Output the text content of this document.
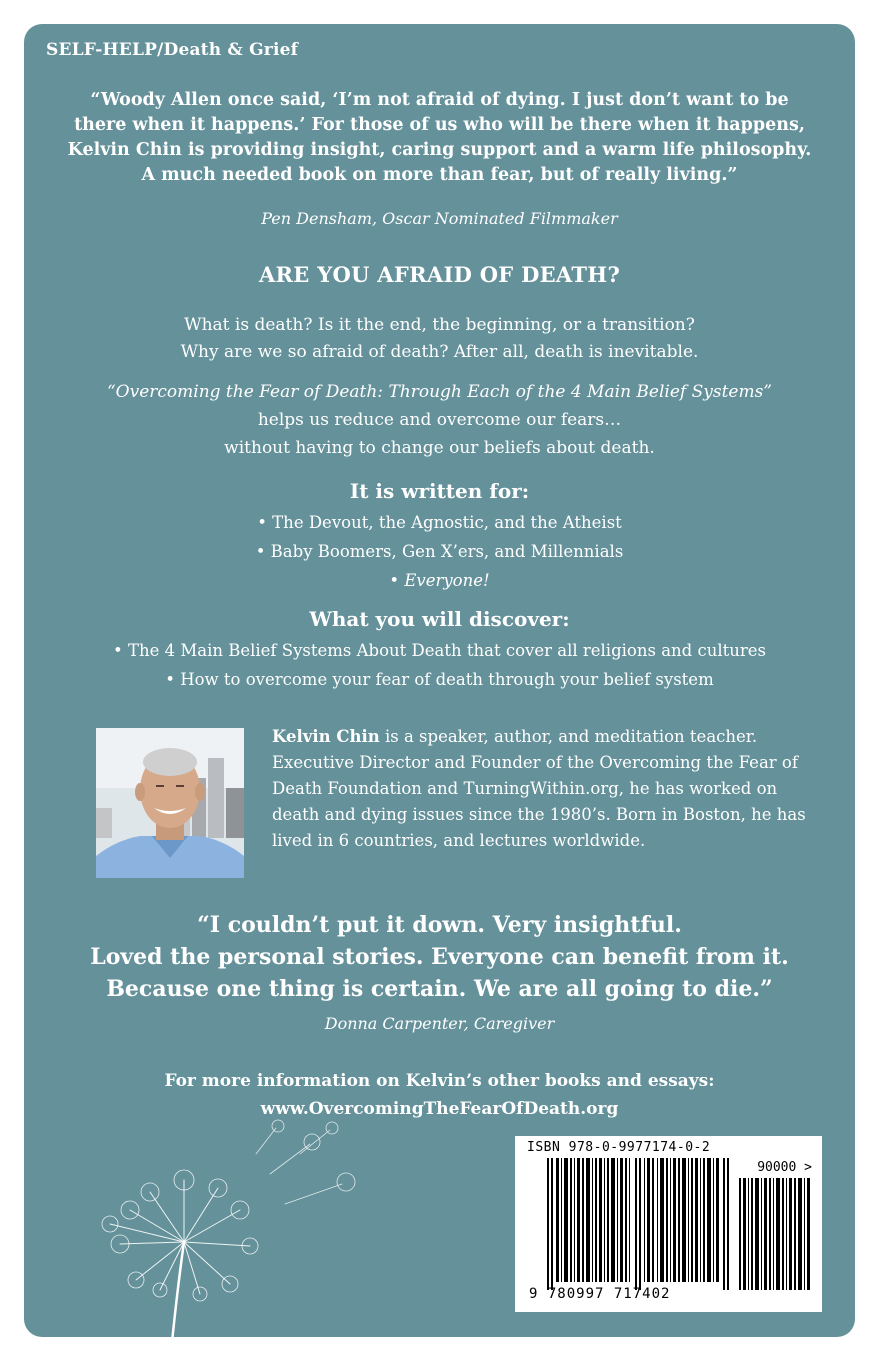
SELF-HELP/Death & Grief
“Woody Allen once said, ‘I’m not afraid of dying. I just don’t want to be there when it happens.’ For those of us who will be there when it happens, Kelvin Chin is providing insight, caring support and a warm life philosophy. A much needed book on more than fear, but of really living.”
Pen Densham, Oscar Nominated Filmmaker
ARE YOU AFRAID OF DEATH?
What is death? Is it the end, the beginning, or a transition?
Why are we so afraid of death? After all, death is inevitable.
“Overcoming the Fear of Death: Through Each of the 4 Main Belief Systems”
helps us reduce and overcome our fears…
without having to change our beliefs about death.
It is written for:
• The Devout, the Agnostic, and the Atheist
• Baby Boomers, Gen X’ers, and Millennials
• Everyone!
What you will discover:
• The 4 Main Belief Systems About Death that cover all religions and cultures
• How to overcome your fear of death through your belief system
Kelvin Chin is a speaker, author, and meditation teacher. Executive Director and Founder of the Overcoming the Fear of Death Foundation and TurningWithin.org, he has worked on death and dying issues since the 1980’s. Born in Boston, he has lived in 6 countries, and lectures worldwide.
“I couldn’t put it down. Very insightful.
Loved the personal stories. Everyone can benefit from it.
Because one thing is certain. We are all going to die.”
Donna Carpenter, Caregiver
For more information on Kelvin’s other books and essays:
www.OvercomingTheFearOfDeath.org
ISBN 978-0-9977174-0-2
90000 >
9 780997 717402
